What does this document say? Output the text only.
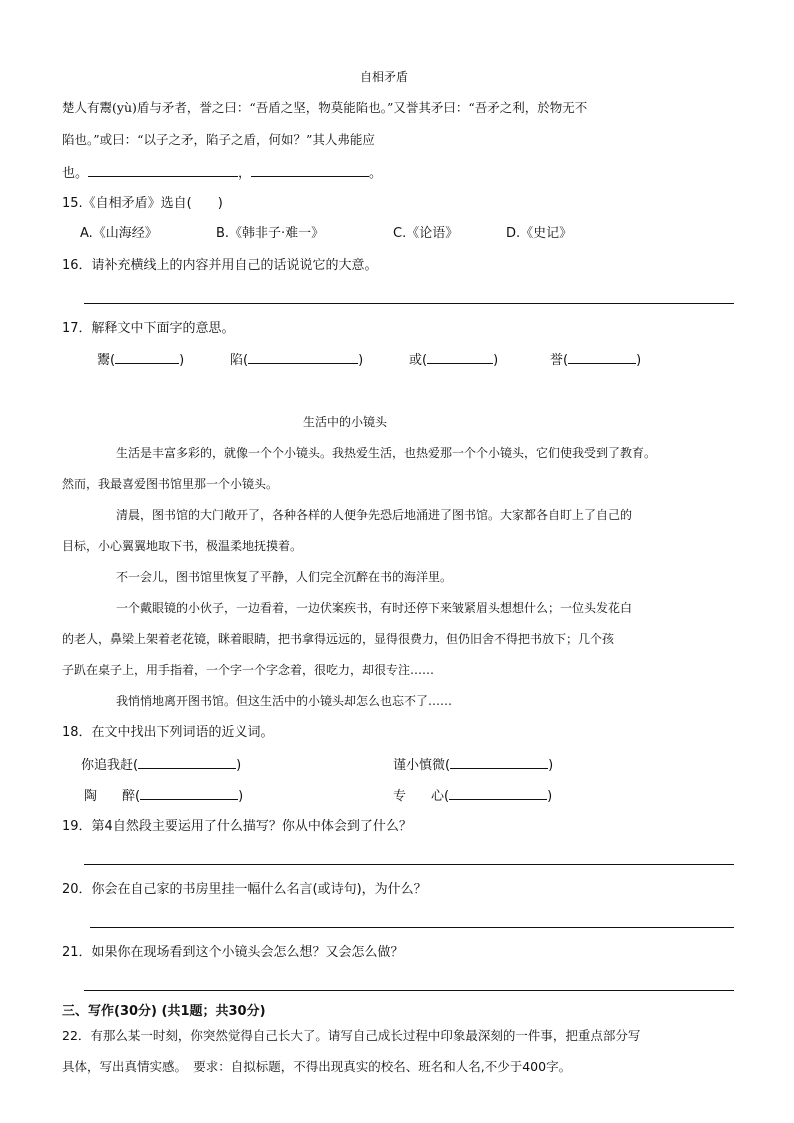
自相矛盾
楚人有鬻(yù)盾与矛者，誉之曰：“吾盾之坚，物莫能陷也。”又誉其矛曰：“吾矛之利，於物无不
陷也。”或曰：“以子之矛，陷子之盾，何如？”其人弗能应
也。	，	。
15.《自相矛盾》选自(　　)
A.《山海经》	B.《韩非子·难一》	C.《论语》	D.《史记》
16．请补充横线上的内容并用自己的话说说它的大意。
17．解释文中下面字的意思。
鬻(	)	陷(	)	或(	)	誉(	)
生活中的小镜头
生活是丰富多彩的，就像一个个小镜头。我热爱生活，也热爱那一个个小镜头，它们使我受到了教育。
然而，我最喜爱图书馆里那一个小镜头。
清晨，图书馆的大门敞开了，各种各样的人便争先恐后地涌进了图书馆。大家都各自盯上了自己的
目标，小心翼翼地取下书，极温柔地抚摸着。
不一会儿，图书馆里恢复了平静，人们完全沉醉在书的海洋里。
一个戴眼镜的小伙子，一边看着，一边伏案疾书，有时还停下来皱紧眉头想想什么；一位头发花白
的老人，鼻梁上架着老花镜，眯着眼睛，把书拿得远远的，显得很费力，但仍旧舍不得把书放下；几个孩
子趴在桌子上，用手指着，一个字一个字念着，很吃力，却很专注……
我悄悄地离开图书馆。但这生活中的小镜头却怎么也忘不了……
18．在文中找出下列词语的近义词。
你追我赶(	)	谨小慎微(	)
陶 醉(	)	专 心(	)
19．第4自然段主要运用了什么描写？你从中体会到了什么？
20．你会在自己家的书房里挂一幅什么名言(或诗句)，为什么？
21．如果你在现场看到这个小镜头会怎么想？又会怎么做？
三、写作(30分) (共1题；共30分)
22．有那么某一时刻，你突然觉得自己长大了。请写自己成长过程中印象最深刻的一件事，把重点部分写
具体，写出真情实感。　要求：自拟标题，不得出现真实的校名、班名和人名,不少于400字。
